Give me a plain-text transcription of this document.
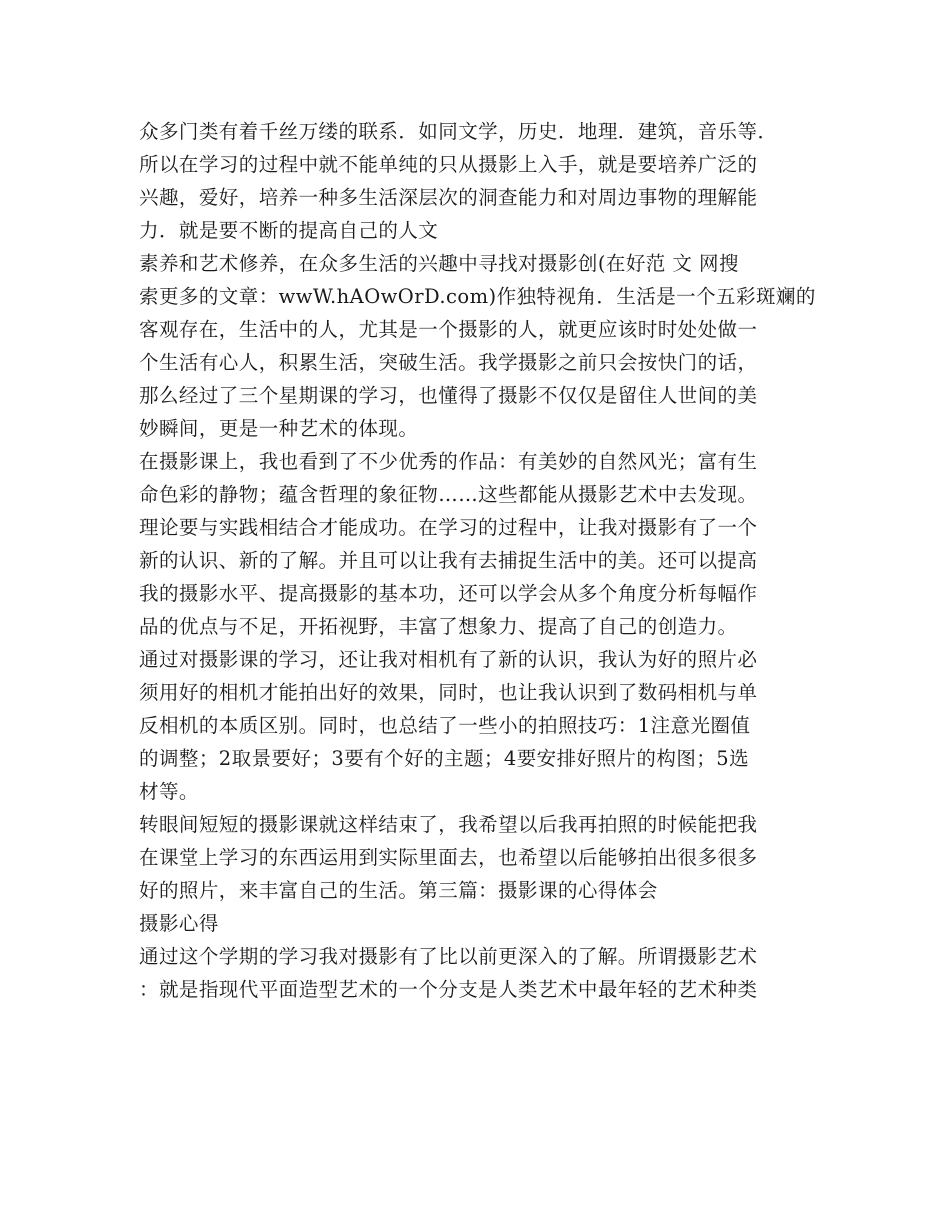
众多门类有着千丝万缕的联系．如同文学，历史．地理．建筑，音乐等．
所以在学习的过程中就不能单纯的只从摄影上入手，就是要培养广泛的
兴趣，爱好，培养一种多生活深层次的洞查能力和对周边事物的理解能
力．就是要不断的提高自己的人文
素养和艺术修养，在众多生活的兴趣中寻找对摄影创(在好范 文 网搜
索更多的文章：wwW.hAOwOrD.com)作独特视角．生活是一个五彩斑斓的
客观存在，生活中的人，尤其是一个摄影的人，就更应该时时处处做一
个生活有心人，积累生活，突破生活。我学摄影之前只会按快门的话，
那么经过了三个星期课的学习，也懂得了摄影不仅仅是留住人世间的美
妙瞬间，更是一种艺术的体现。
在摄影课上，我也看到了不少优秀的作品：有美妙的自然风光；富有生
命色彩的静物；蕴含哲理的象征物……这些都能从摄影艺术中去发现。
理论要与实践相结合才能成功。在学习的过程中，让我对摄影有了一个
新的认识、新的了解。并且可以让我有去捕捉生活中的美。还可以提高
我的摄影水平、提高摄影的基本功，还可以学会从多个角度分析每幅作
品的优点与不足，开拓视野，丰富了想象力、提高了自己的创造力。
通过对摄影课的学习，还让我对相机有了新的认识，我认为好的照片必
须用好的相机才能拍出好的效果，同时，也让我认识到了数码相机与单
反相机的本质区别。同时，也总结了一些小的拍照技巧：1注意光圈值
的调整；2取景要好；3要有个好的主题；4要安排好照片的构图；5选
材等。
转眼间短短的摄影课就这样结束了，我希望以后我再拍照的时候能把我
在课堂上学习的东西运用到实际里面去，也希望以后能够拍出很多很多
好的照片，来丰富自己的生活。第三篇：摄影课的心得体会
摄影心得
通过这个学期的学习我对摄影有了比以前更深入的了解。所谓摄影艺术
：就是指现代平面造型艺术的一个分支是人类艺术中最年轻的艺术种类
